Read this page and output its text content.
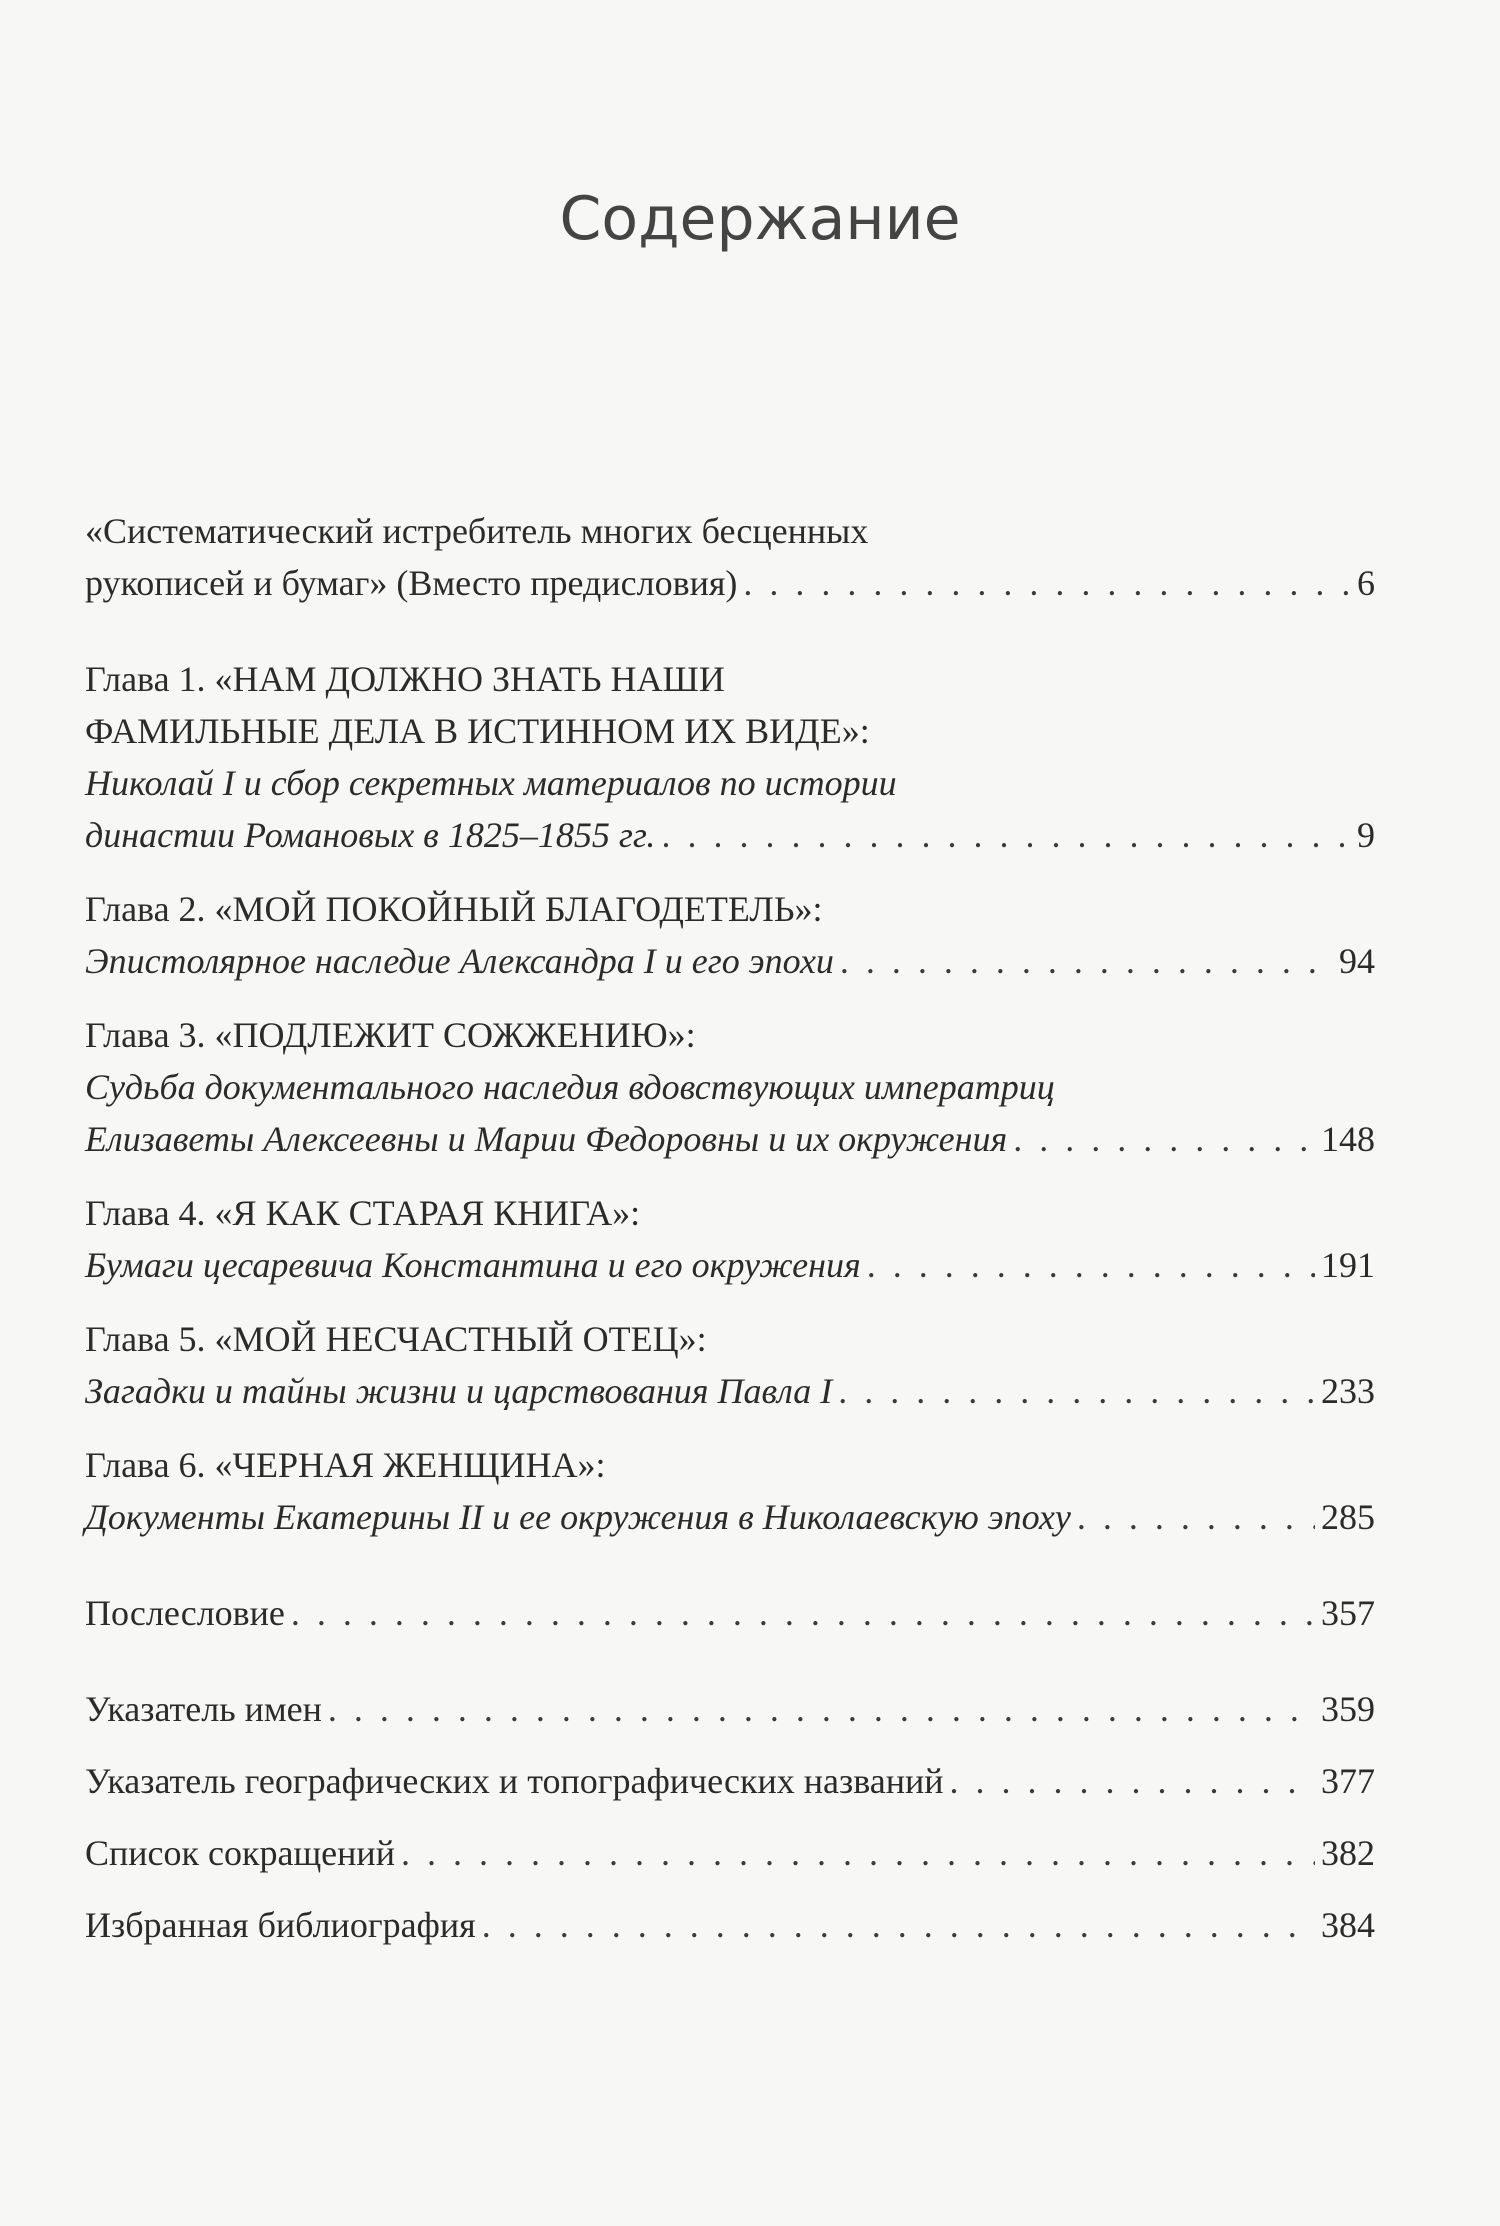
Содержание
«Систематический истребитель многих бесценных
рукописей и бумаг» (Вместо предисловия) . . .	6
Глава 1. «НАМ ДОЛЖНО ЗНАТЬ НАШИ
ФАМИЛЬНЫЕ ДЕЛА В ИСТИННОМ ИХ ВИДЕ»:
Николай I и сбор секретных материалов по истории
династии Романовых в 1825–1855 гг. . . .	9
Глава 2. «МОЙ ПОКОЙНЫЙ БЛАГОДЕТЕЛЬ»:
Эпистолярное наследие Александра I и его эпохи . . .	94
Глава 3. «ПОДЛЕЖИТ СОЖЖЕНИЮ»:
Судьба документального наследия вдовствующих императриц
Елизаветы Алексеевны и Марии Федоровны и их окружения . . .	148
Глава 4. «Я КАК СТАРАЯ КНИГА»:
Бумаги цесаревича Константина и его окружения . . .	191
Глава 5. «МОЙ НЕСЧАСТНЫЙ ОТЕЦ»:
Загадки и тайны жизни и царствования Павла I . . .	233
Глава 6. «ЧЕРНАЯ ЖЕНЩИНА»:
Документы Екатерины II и ее окружения в Николаевскую эпоху . . .	285
Послесловие . . .	357
Указатель имен . . .	359
Указатель географических и топографических названий . . .	377
Список сокращений . . .	382
Избранная библиография . . .	384
